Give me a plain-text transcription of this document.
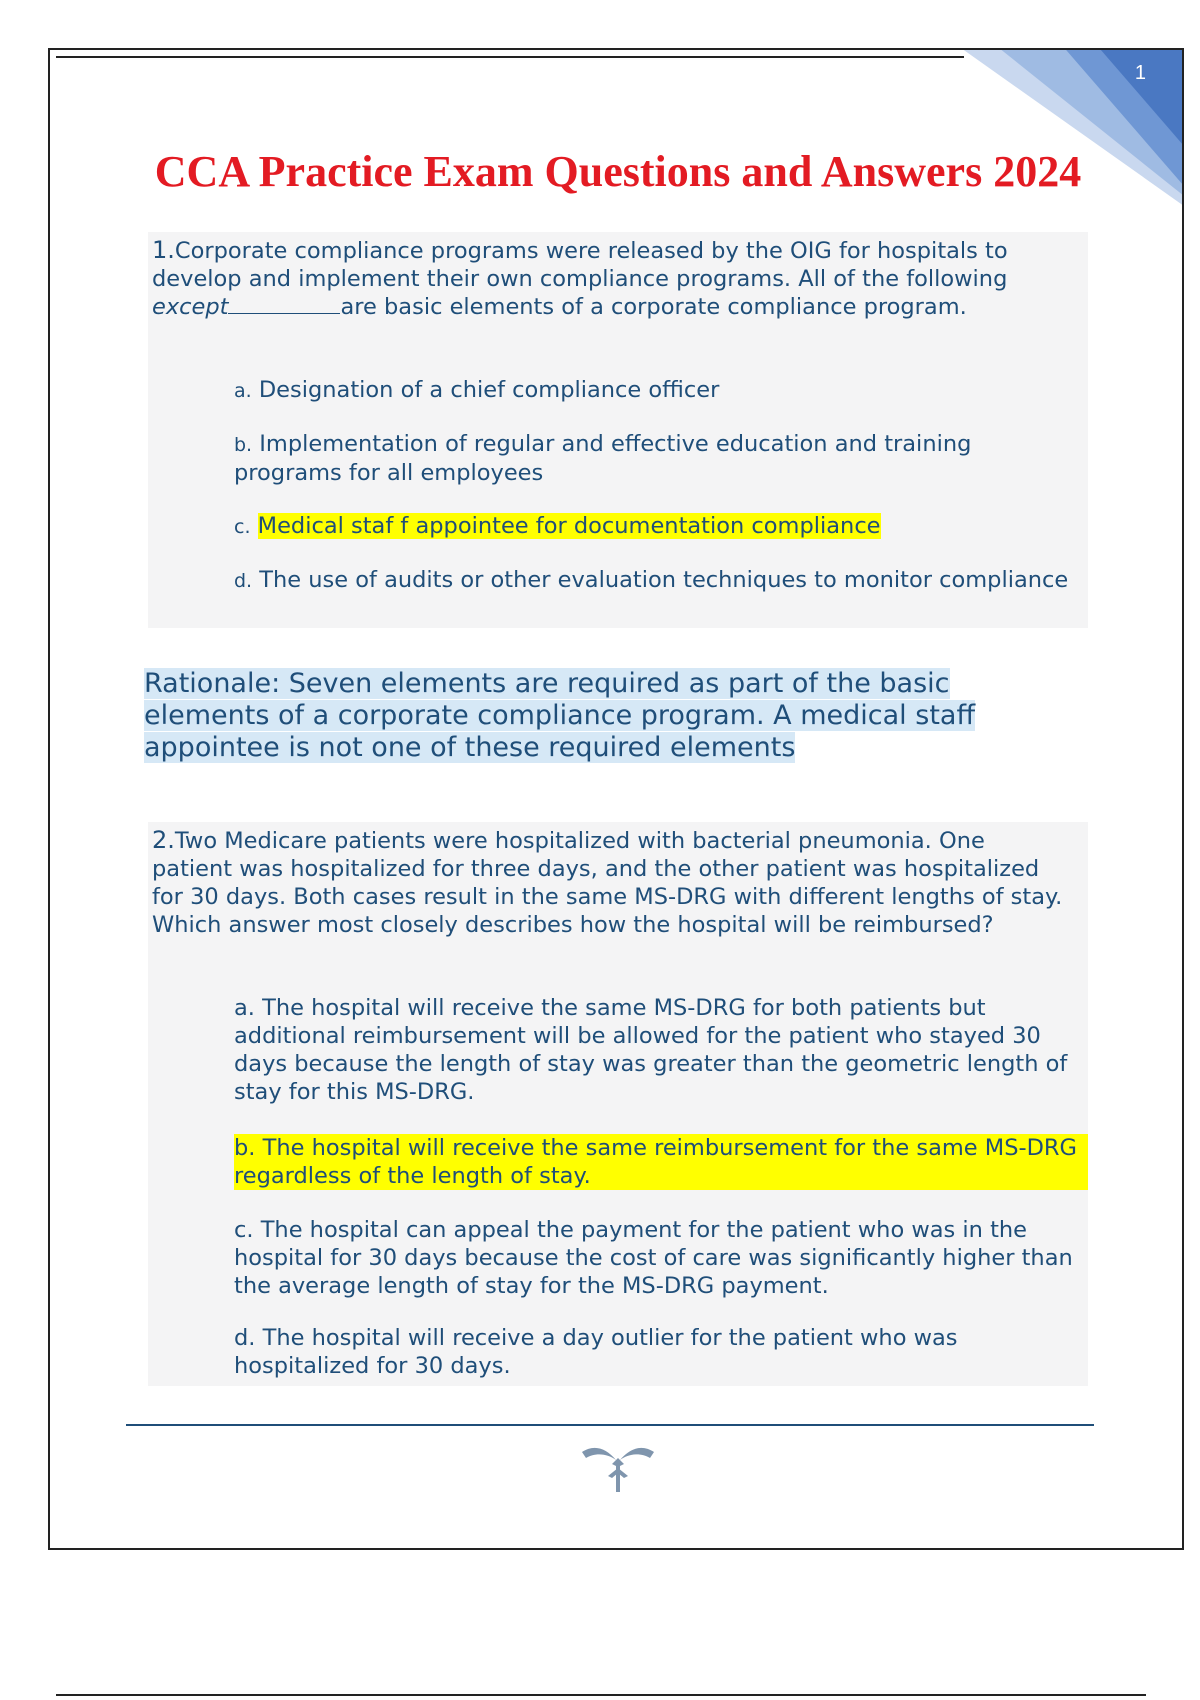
1
CCA Practice Exam Questions and Answers 2024

1.Corporate compliance programs were released by the OIG for hospitals to develop and implement their own compliance programs. All of the following except	are basic elements of a corporate compliance program.

a. Designation of a chief compliance officer
b. Implementation of regular and effective education and training programs for all employees
c. Medical staf f appointee for documentation compliance
d. The use of audits or other evaluation techniques to monitor compliance
Rationale: Seven elements are required as part of the basic elements of a corporate compliance program. A medical staff appointee is not one of these required elements

2.Two Medicare patients were hospitalized with bacterial pneumonia. One patient was hospitalized for three days, and the other patient was hospitalized for 30 days. Both cases result in the same MS-DRG with different lengths of stay. Which answer most closely describes how the hospital will be reimbursed?

a. The hospital will receive the same MS-DRG for both patients but additional reimbursement will be allowed for the patient who stayed 30 days because the length of stay was greater than the geometric length of stay for this MS-DRG.
b. The hospital will receive the same reimbursement for the same MS-DRG regardless of the length of stay.
c. The hospital can appeal the payment for the patient who was in the hospital for 30 days because the cost of care was significantly higher than the average length of stay for the MS-DRG payment.
d. The hospital will receive a day outlier for the patient who was hospitalized for 30 days.
